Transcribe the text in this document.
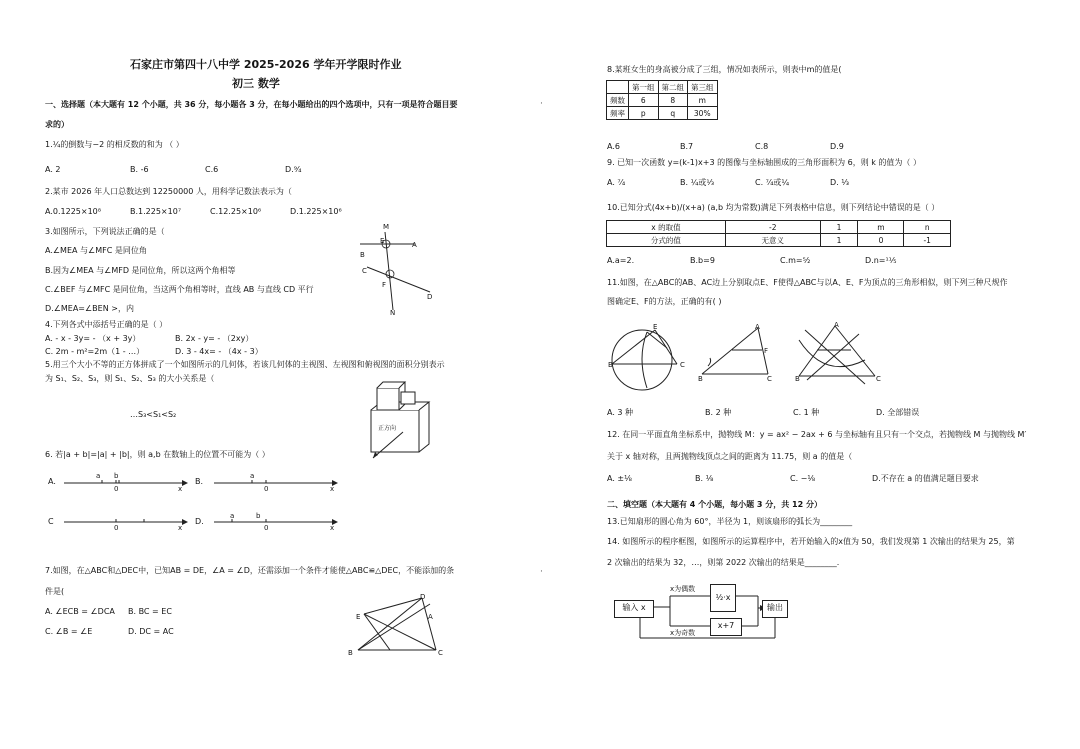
石家庄市第四十八中学 2025-2026 学年开学限时作业
初三 数学
一、选择题（本大题有 12 个小题，共 36 分，每小题各 3 分，在每小题给出的四个选项中，只有一项是符合题目要
求的）
1.¼的倒数与−2 的相反数的和为 （ ）
A. 2	B. -6	C.6	D.⁹⁄₄
2.某市 2026 年人口总数达到 12250000 人，用科学记数法表示为（
A.0.1225×10⁸	B.1.225×10⁷	C.12.25×10⁶	D.1.225×10⁶
3.如图所示，下列说法正确的是（
A.∠MEA 与∠MFC 是同位角
B.因为∠MEA 与∠MFD 是同位角，所以这两个角相等
C.∠BEF 与∠MFC 是同位角，当这两个角相等时，直线 AB 与直线 CD 平行
D.∠MEA=∠BEN >，内
M
E	A
B
C
F
D
N
4.下列各式中添括号正确的是（ ）
A. - x - 3y= - （x + 3y）	B. 2x - y= - （2xy）
C. 2m - m²=2m（1 - …）	D. 3 - 4x= - （4x - 3）
5.用三个大小不等的正方体拼成了一个如图所示的几何体，若该几何体的主视图、左视图和俯视图的面积分别表示
为 S₁、S₂、S₃，则 S₁、S₂、S₃ 的大小关系是（
…S₃<S₁<S₂
正方向
6. 若|a + b|=|a| + |b|，则 a,b 在数轴上的位置不可能为（ ）
A.
a b
0	x
B.
a
0	x
C
0	x
D.
a	b
0	x
7.如图，在△ABC和△DEC中，已知AB = DE，∠A = ∠D，还需添加一个条件才能使△ABC≌△DEC，不能添加的条
件是(
A. ∠ECB = ∠DCA B. BC = EC
C. ∠B = ∠E	D. DC = AC
D
E
B	C
A
8.某班女生的身高被分成了三组，情况如表所示，则表中m的值是(
	第一组	第二组	第三组
频数	6	8	m
频率	p	q	30%
A.6	B.7	C.8	D.9
9. 已知一次函数 y=(k-1)x+3 的图像与坐标轴围成的三角形面积为 6，则 k 的值为（ ）
A. ⁷⁄₄	B. ¼或¹⁄₃	C. ⁷⁄₄或¼	D. ⅓
10.已知分式(4x+b)/(x+a) (a,b 均为常数)满足下列表格中信息，则下列结论中错误的是（ ）
x 的取值	-2	1	m	n
分式的值	无意义	1	0	-1
A.a=2.	B.b=9	C.m=⁵⁄₂	D.n=¹¹⁄₅
11.如图，在△ABC的AB、AC边上分别取点E、F使得△ABC与以A、E、F为顶点的三角形相似，则下列三种尺规作
图确定E、F的方法，正确的有( )
E
B	C
A
F
B	C
A
B	C
A. 3 种	B. 2 种	C. 1 种	D. 全部错误
12. 在同一平面直角坐标系中，抛物线 M：y = ax² − 2ax + 6 与坐标轴有且只有一个交点，若抛物线 M 与抛物线 M′
关于 x 轴对称，且两抛物线顶点之间的距离为 11.75，则 a 的值是（
A. ±⅛	B. ⅛	C. −⅛	D.不存在 a 的值满足题目要求
二、填空题（本大题有 4 个小题，每小题 3 分，共 12 分）
13.已知扇形的圆心角为 60°，半径为 1，则该扇形的弧长为________
14. 如图所示的程序框图，如图所示的运算程序中，若开始输入的x值为 50，我们发现第 1 次输出的结果为 25，第
2 次输出的结果为 32，…，则第 2022 次输出的结果是________.
输入 x
x为偶数
½·x
x为奇数
x+7
输出
·
·
